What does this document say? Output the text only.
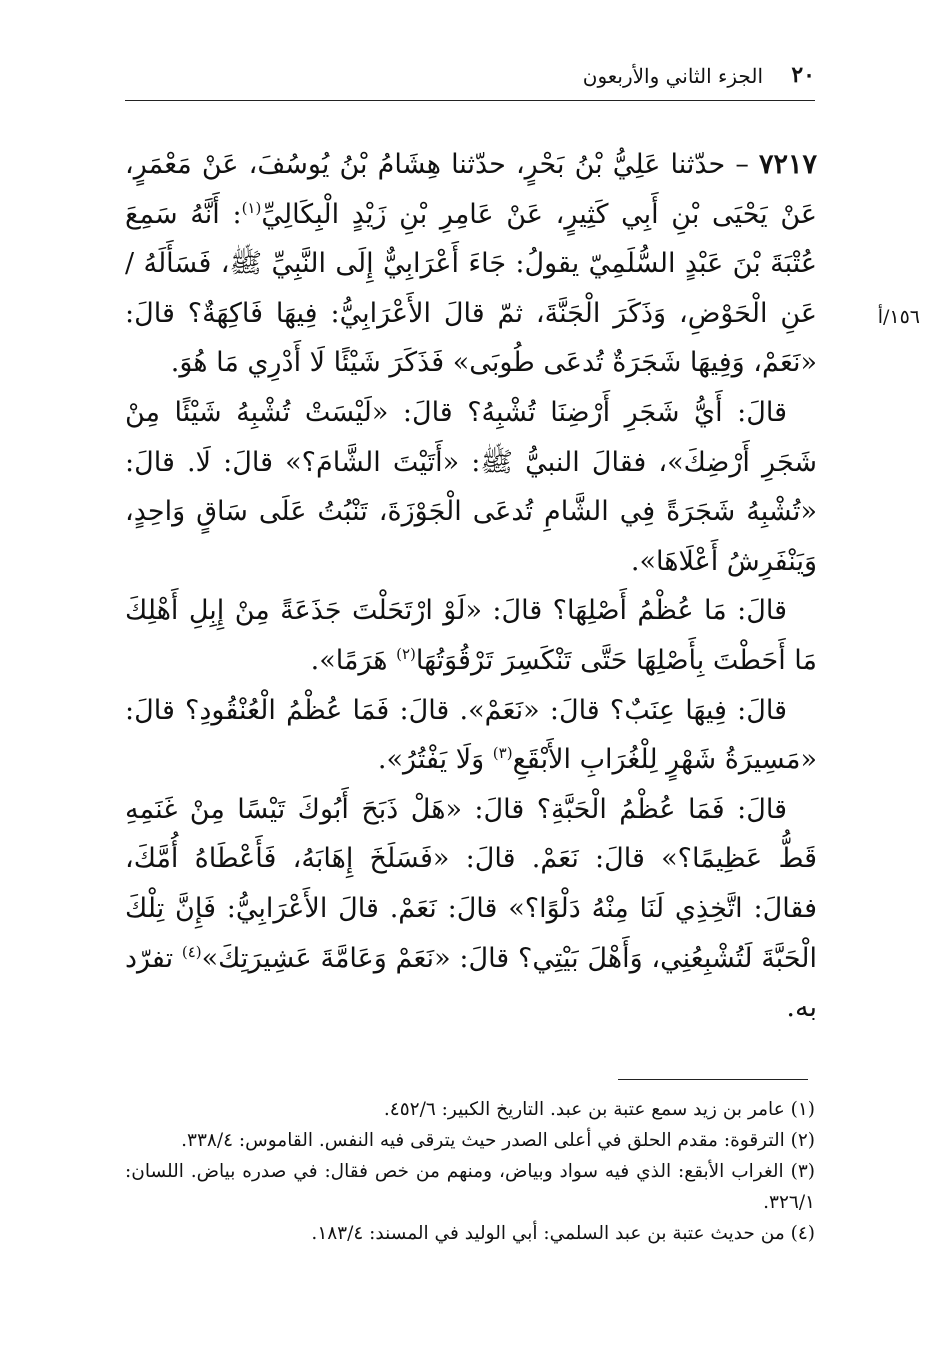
٢٠
الجزء الثاني والأربعون
١٥٦/أ

٧٢١٧ – حدّثنا عَلِيُّ بْنُ بَحْرٍ، حدّثنا هِشَامُ بْنُ يُوسُفَ، عَنْ مَعْمَرٍ، عَنْ يَحْيَى بْنِ أَبِي كَثِيرٍ، عَنْ عَامِرِ بْنِ زَيْدٍ الْبِكَالِيِّ$^{(١)}$: أَنَّهُ سَمِعَ عُتْبَةَ بْنَ عَبْدٍ السُّلَمِيّ يقولُ: جَاءَ أَعْرَابِيٌّ إِلَى النَّبِيِّ ﷺ، فَسَأَلَهُ / عَنِ الْحَوْضِ، وَذَكَرَ الْجَنَّةَ، ثمّ قالَ الأَعْرَابِيُّ: فِيهَا فَاكِهَةٌ؟ قالَ: «نَعَمْ، وَفِيهَا شَجَرَةٌ تُدعَى طُوبَى» فَذَكَرَ شَيْئًا لَا أَدْرِي مَا هُوَ.

قالَ: أَيُّ شَجَرِ أَرْضِنَا تُشْبِهُ؟ قالَ: «لَيْسَتْ تُشْبِهُ شَيْئًا مِنْ شَجَرِ أَرْضِكَ»، فقالَ النبيُّ ﷺ: «أَتَيْتَ الشَّامَ؟» قالَ: لَا. قالَ: «تُشْبِهُ شَجَرَةً فِي الشَّامِ تُدعَى الْجَوْزَةَ، تَنْبُتُ عَلَى سَاقٍ وَاحِدٍ، وَيَنْفَرِشُ أَعْلَاهَا».

قالَ: مَا عُظْمُ أَصْلِهَا؟ قالَ: «لَوْ ارْتَحَلْتَ جَذَعَةً مِنْ إِبِلِ أَهْلِكَ مَا أَحَطْتَ بِأَصْلِهَا حَتَّى تَنْكَسِرَ تَرْقُوَتُهَا$^{(٢)}$ هَرَمًا».

قالَ: فِيهَا عِنَبٌ؟ قالَ: «نَعَمْ». قالَ: فَمَا عُظْمُ الْعُنْقُودِ؟ قالَ: «مَسِيرَةُ شَهْرٍ لِلْغُرَابِ الأَبْقَعِ$^{(٣)}$ وَلَا يَفْتُرُ».

قالَ: فَمَا عُظْمُ الْحَبَّةِ؟ قالَ: «هَلْ ذَبَحَ أَبُوكَ تَيْسًا مِنْ غَنَمِهِ قَطُّ عَظِيمًا؟» قالَ: نَعَمْ. قالَ: «فَسَلَخَ إِهَابَهُ، فَأَعْطَاهُ أُمَّكَ، فقالَ: اتَّخِذِي لَنَا مِنْهُ دَلْوًا؟» قالَ: نَعَمْ. قالَ الأَعْرَابِيُّ: فَإِنَّ تِلْكَ الْحَبَّةَ لَتُشْبِعُنِي، وَأَهْلَ بَيْتِي؟ قالَ: «نَعَمْ وَعَامَّةَ عَشِيرَتِكَ»$^{(٤)}$ تفرّد به.

(١) عامر بن زيد سمع عتبة بن عبد. التاريخ الكبير: ٤٥٢/٦.

(٢) الترقوة: مقدم الحلق في أعلى الصدر حيث يترقى فيه النفس. القاموس: ٣٣٨/٤.

(٣) الغراب الأبقع: الذي فيه سواد وبياض، ومنهم من خص فقال: في صدره بياض. اللسان: ٣٢٦/١.

(٤) من حديث عتبة بن عبد السلمي: أبي الوليد في المسند: ١٨٣/٤.
